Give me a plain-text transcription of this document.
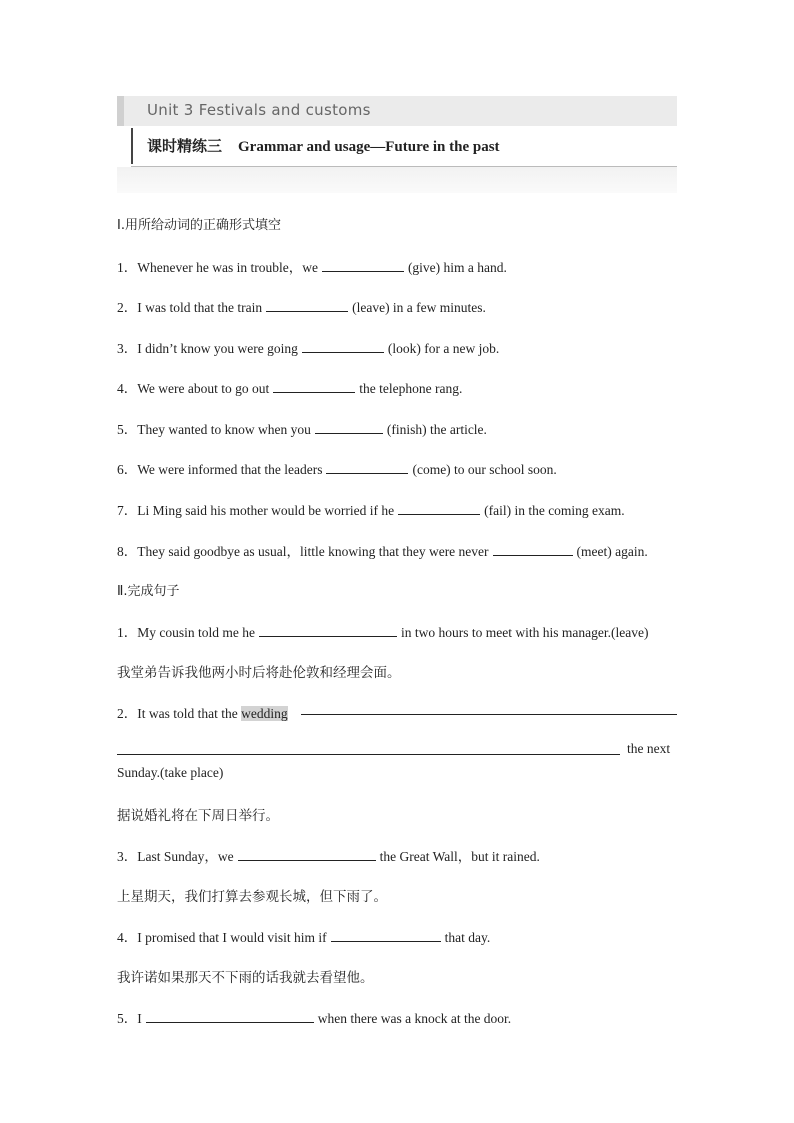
Unit 3 Festivals and customs
课时精练三 Grammar and usage—Future in the past
Ⅰ.用所给动词的正确形式填空
1．Whenever he was in trouble，we	(give) him a hand.
2．I was told that the train	(leave) in a few minutes.
3．I didn’t know you were going	(look) for a new job.
4．We were about to go out	the telephone rang.
5．They wanted to know when you	(finish) the article.
6．We were informed that the leaders	(come) to our school soon.
7．Li Ming said his mother would be worried if he	(fail) in the coming exam.
8．They said goodbye as usual，little knowing that they were never	(meet) again.
Ⅱ.完成句子
1．My cousin told me he	in two hours to meet with his manager.(leave)
我堂弟告诉我他两小时后将赴伦敦和经理会面。
2．It was told that the wedding
the next
Sunday.(take place)
据说婚礼将在下周日举行。
3．Last Sunday，we	the Great Wall，but it rained.
上星期天，我们打算去参观长城，但下雨了。
4．I promised that I would visit him if	that day.
我许诺如果那天不下雨的话我就去看望他。
5．I	when there was a knock at the door.
